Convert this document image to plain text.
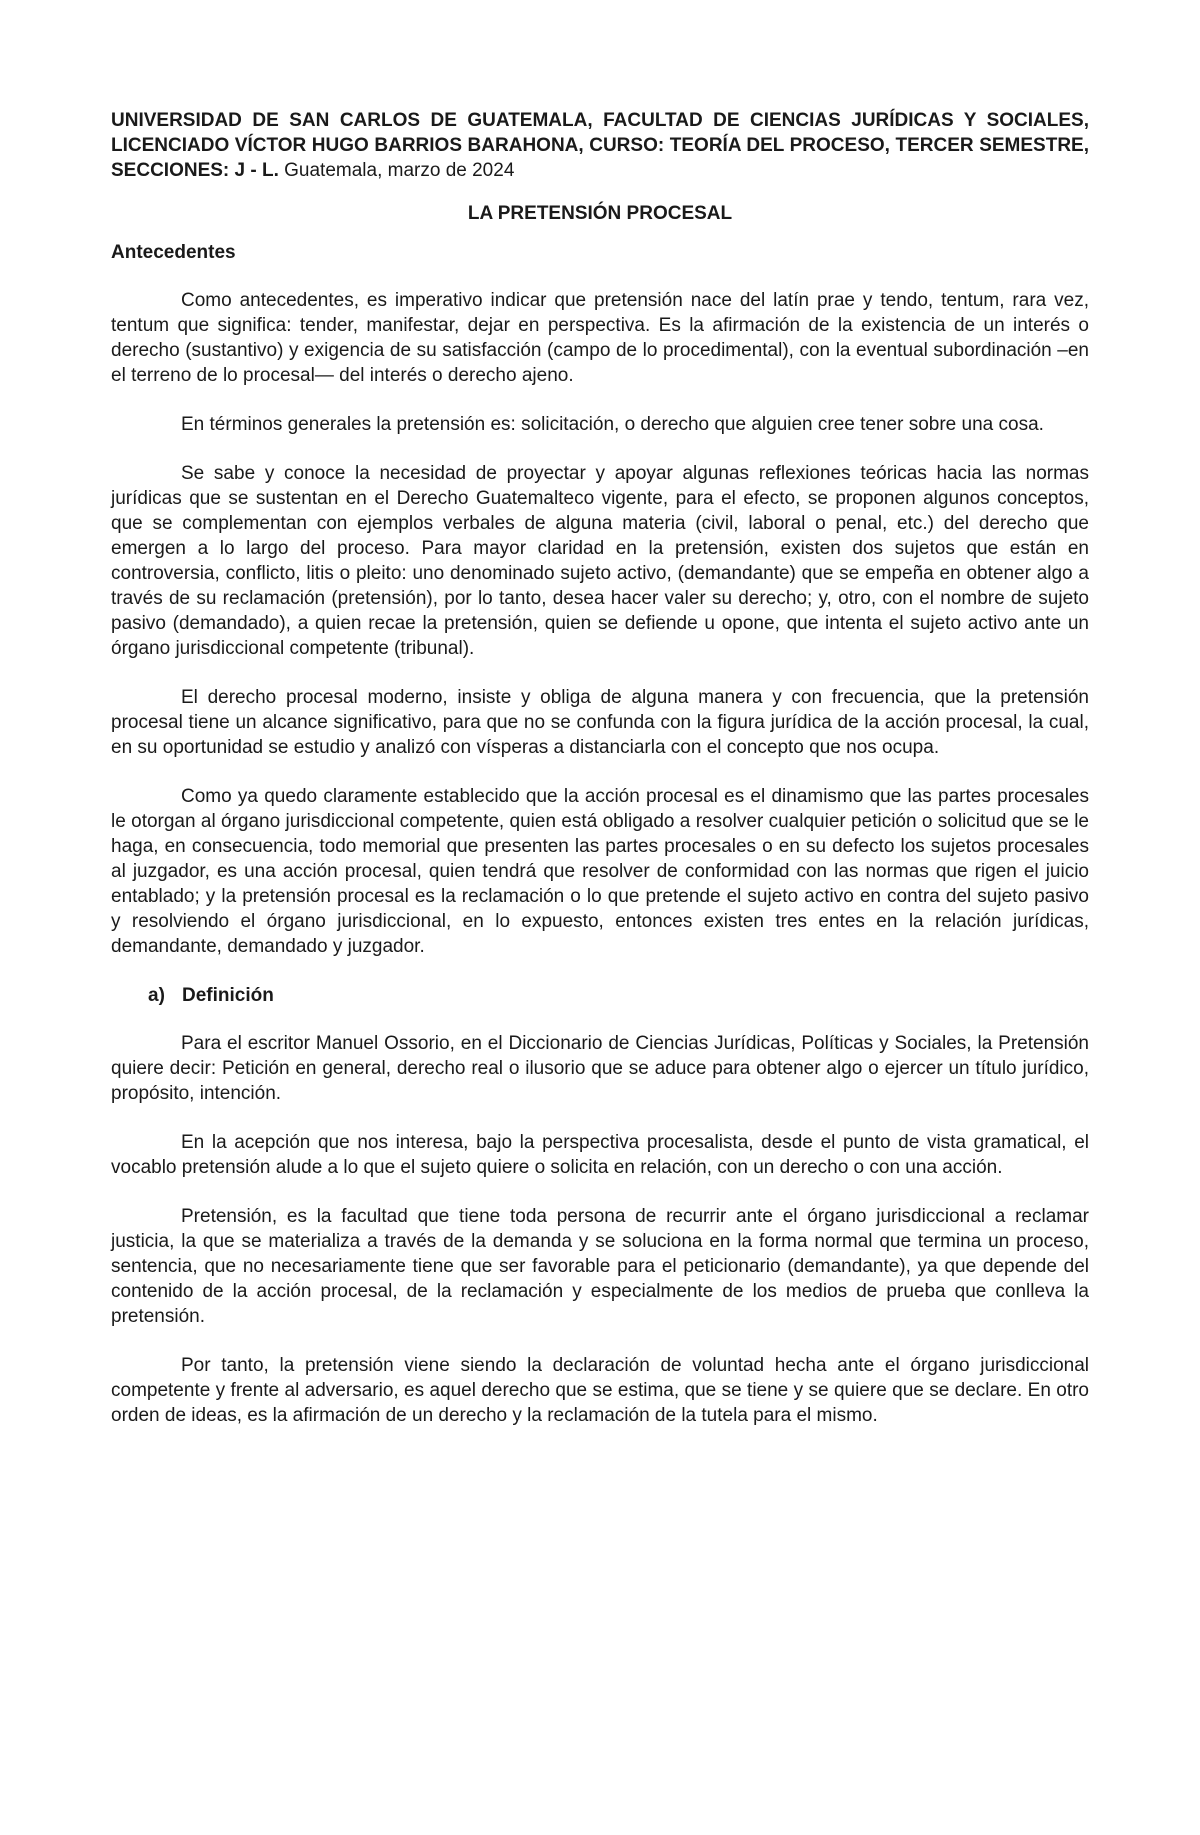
UNIVERSIDAD DE SAN CARLOS DE GUATEMALA, FACULTAD DE CIENCIAS JURÍDICAS Y SOCIALES, LICENCIADO VÍCTOR HUGO BARRIOS BARAHONA, CURSO: TEORÍA DEL PROCESO, TERCER SEMESTRE, SECCIONES: J - L. Guatemala, marzo de 2024
LA PRETENSIÓN PROCESAL
Antecedentes

Como antecedentes, es imperativo indicar que pretensión nace del latín prae y tendo, tentum, rara vez, tentum que significa: tender, manifestar, dejar en perspectiva. Es la afirmación de la existencia de un interés o derecho (sustantivo) y exigencia de su satisfacción (campo de lo procedimental), con la eventual subordinación –en el terreno de lo procesal— del interés o derecho ajeno.

En términos generales la pretensión es: solicitación, o derecho que alguien cree tener sobre una cosa.

Se sabe y conoce la necesidad de proyectar y apoyar algunas reflexiones teóricas hacia las normas jurídicas que se sustentan en el Derecho Guatemalteco vigente, para el efecto, se proponen algunos conceptos, que se complementan con ejemplos verbales de alguna materia (civil, laboral o penal, etc.) del derecho que emergen a lo largo del proceso. Para mayor claridad en la pretensión, existen dos sujetos que están en controversia, conflicto, litis o pleito: uno denominado sujeto activo, (demandante) que se empeña en obtener algo a través de su reclamación (pretensión), por lo tanto, desea hacer valer su derecho; y, otro, con el nombre de sujeto pasivo (demandado), a quien recae la pretensión, quien se defiende u opone, que intenta el sujeto activo ante un órgano jurisdiccional competente (tribunal).

El derecho procesal moderno, insiste y obliga de alguna manera y con frecuencia, que la pretensión procesal tiene un alcance significativo, para que no se confunda con la figura jurídica de la acción procesal, la cual, en su oportunidad se estudio y analizó con vísperas a distanciarla con el concepto que nos ocupa.

Como ya quedo claramente establecido que la acción procesal es el dinamismo que las partes procesales le otorgan al órgano jurisdiccional competente, quien está obligado a resolver cualquier petición o solicitud que se le haga, en consecuencia, todo memorial que presenten las partes procesales o en su defecto los sujetos procesales al juzgador, es una acción procesal, quien tendrá que resolver de conformidad con las normas que rigen el juicio entablado; y la pretensión procesal es la reclamación o lo que pretende el sujeto activo en contra del sujeto pasivo y resolviendo el órgano jurisdiccional, en lo expuesto, entonces existen tres entes en la relación jurídicas, demandante, demandado y juzgador.

a) Definición

Para el escritor Manuel Ossorio, en el Diccionario de Ciencias Jurídicas, Políticas y Sociales, la Pretensión quiere decir: Petición en general, derecho real o ilusorio que se aduce para obtener algo o ejercer un título jurídico, propósito, intención.

En la acepción que nos interesa, bajo la perspectiva procesalista, desde el punto de vista gramatical, el vocablo pretensión alude a lo que el sujeto quiere o solicita en relación, con un derecho o con una acción.

Pretensión, es la facultad que tiene toda persona de recurrir ante el órgano jurisdiccional a reclamar justicia, la que se materializa a través de la demanda y se soluciona en la forma normal que termina un proceso, sentencia, que no necesariamente tiene que ser favorable para el peticionario (demandante), ya que depende del contenido de la acción procesal, de la reclamación y especialmente de los medios de prueba que conlleva la pretensión.

Por tanto, la pretensión viene siendo la declaración de voluntad hecha ante el órgano jurisdiccional competente y frente al adversario, es aquel derecho que se estima, que se tiene y se quiere que se declare. En otro orden de ideas, es la afirmación de un derecho y la reclamación de la tutela para el mismo.
